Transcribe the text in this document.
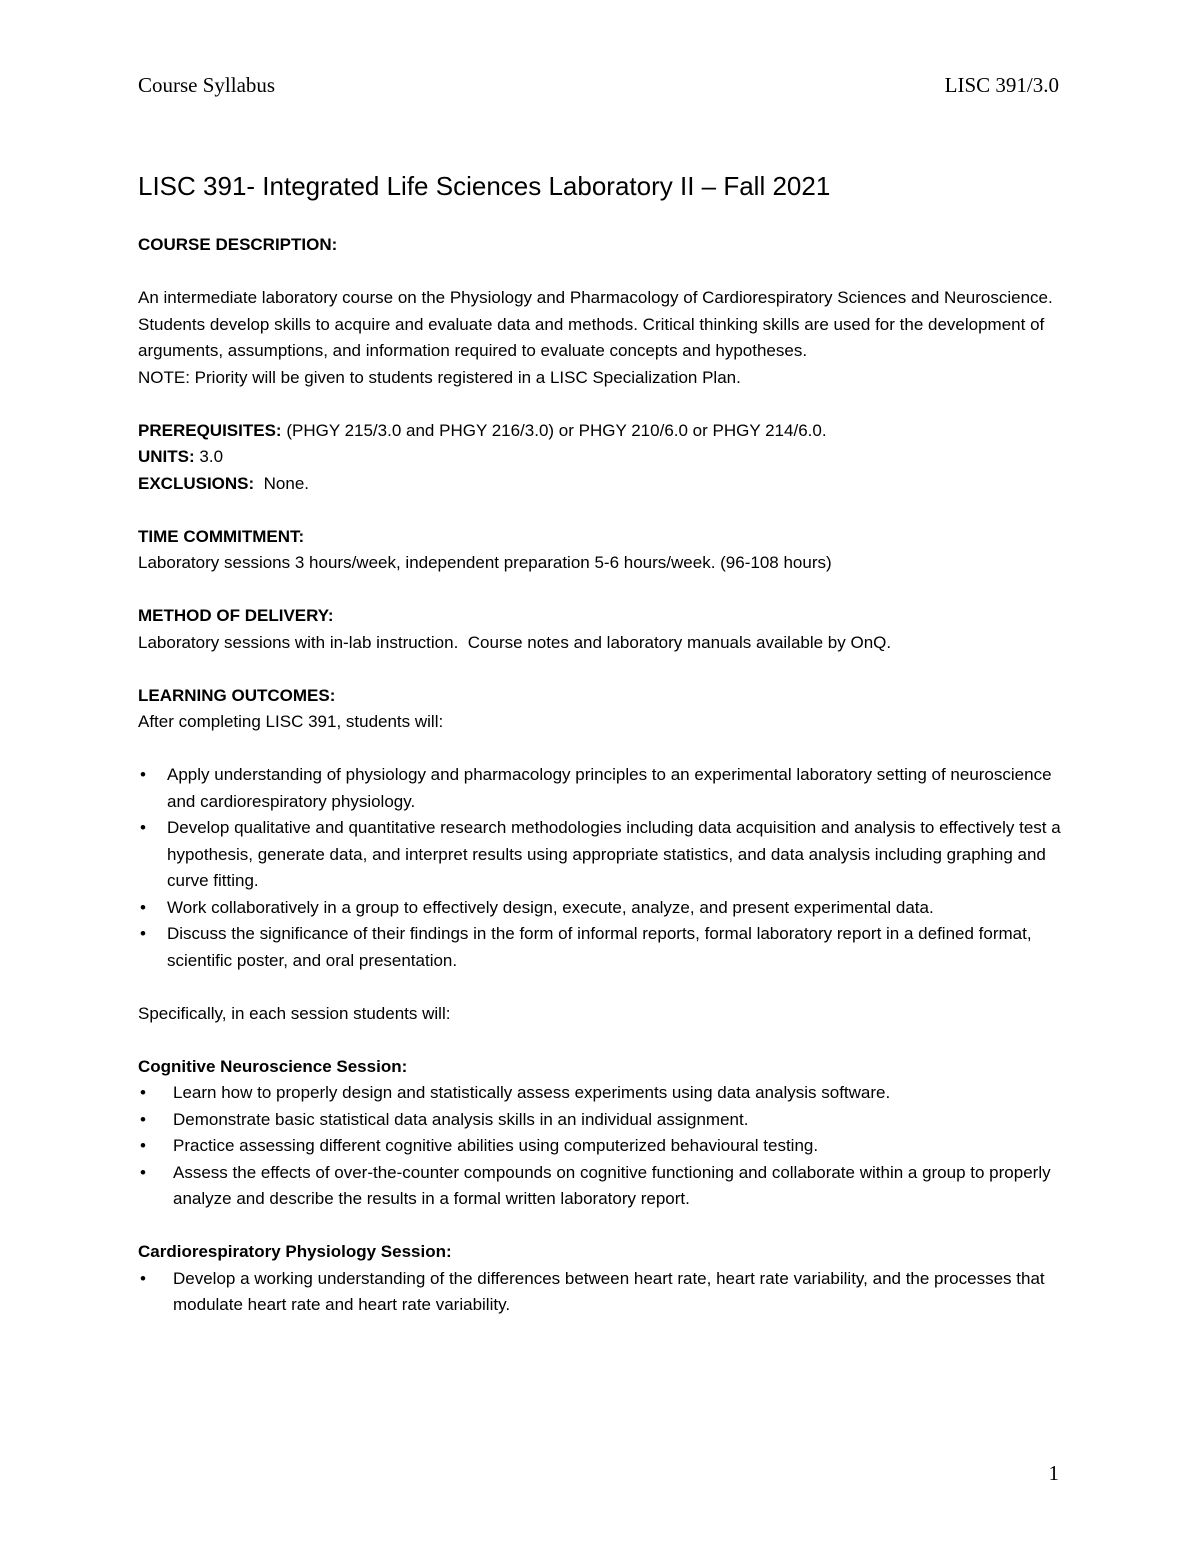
Course Syllabus	LISC 391/3.0
LISC 391- Integrated Life Sciences Laboratory II – Fall 2021

COURSE DESCRIPTION:

An intermediate laboratory course on the Physiology and Pharmacology of Cardiorespiratory Sciences and Neuroscience. Students develop skills to acquire and evaluate data and methods. Critical thinking skills are used for the development of arguments, assumptions, and information required to evaluate concepts and hypotheses.

NOTE: Priority will be given to students registered in a LISC Specialization Plan.

PREREQUISITES: (PHGY 215/3.0 and PHGY 216/3.0) or PHGY 210/6.0 or PHGY 214/6.0.

UNITS: 3.0

EXCLUSIONS:  None.

TIME COMMITMENT:

Laboratory sessions 3 hours/week, independent preparation 5-6 hours/week. (96-108 hours)

METHOD OF DELIVERY:

Laboratory sessions with in-lab instruction.  Course notes and laboratory manuals available by OnQ.

LEARNING OUTCOMES:

After completing LISC 391, students will:

• Apply understanding of physiology and pharmacology principles to an experimental laboratory setting of neuroscience and cardiorespiratory physiology.
• Develop qualitative and quantitative research methodologies including data acquisition and analysis to effectively test a hypothesis, generate data, and interpret results using appropriate statistics, and data analysis including graphing and curve fitting.
• Work collaboratively in a group to effectively design, execute, analyze, and present experimental data.
• Discuss the significance of their findings in the form of informal reports, formal laboratory report in a defined format, scientific poster, and oral presentation.

Specifically, in each session students will:

Cognitive Neuroscience Session:

• Learn how to properly design and statistically assess experiments using data analysis software.
• Demonstrate basic statistical data analysis skills in an individual assignment.
• Practice assessing different cognitive abilities using computerized behavioural testing.
• Assess the effects of over-the-counter compounds on cognitive functioning and collaborate within a group to properly analyze and describe the results in a formal written laboratory report.

Cardiorespiratory Physiology Session:

• Develop a working understanding of the differences between heart rate, heart rate variability, and the processes that modulate heart rate and heart rate variability.
1
